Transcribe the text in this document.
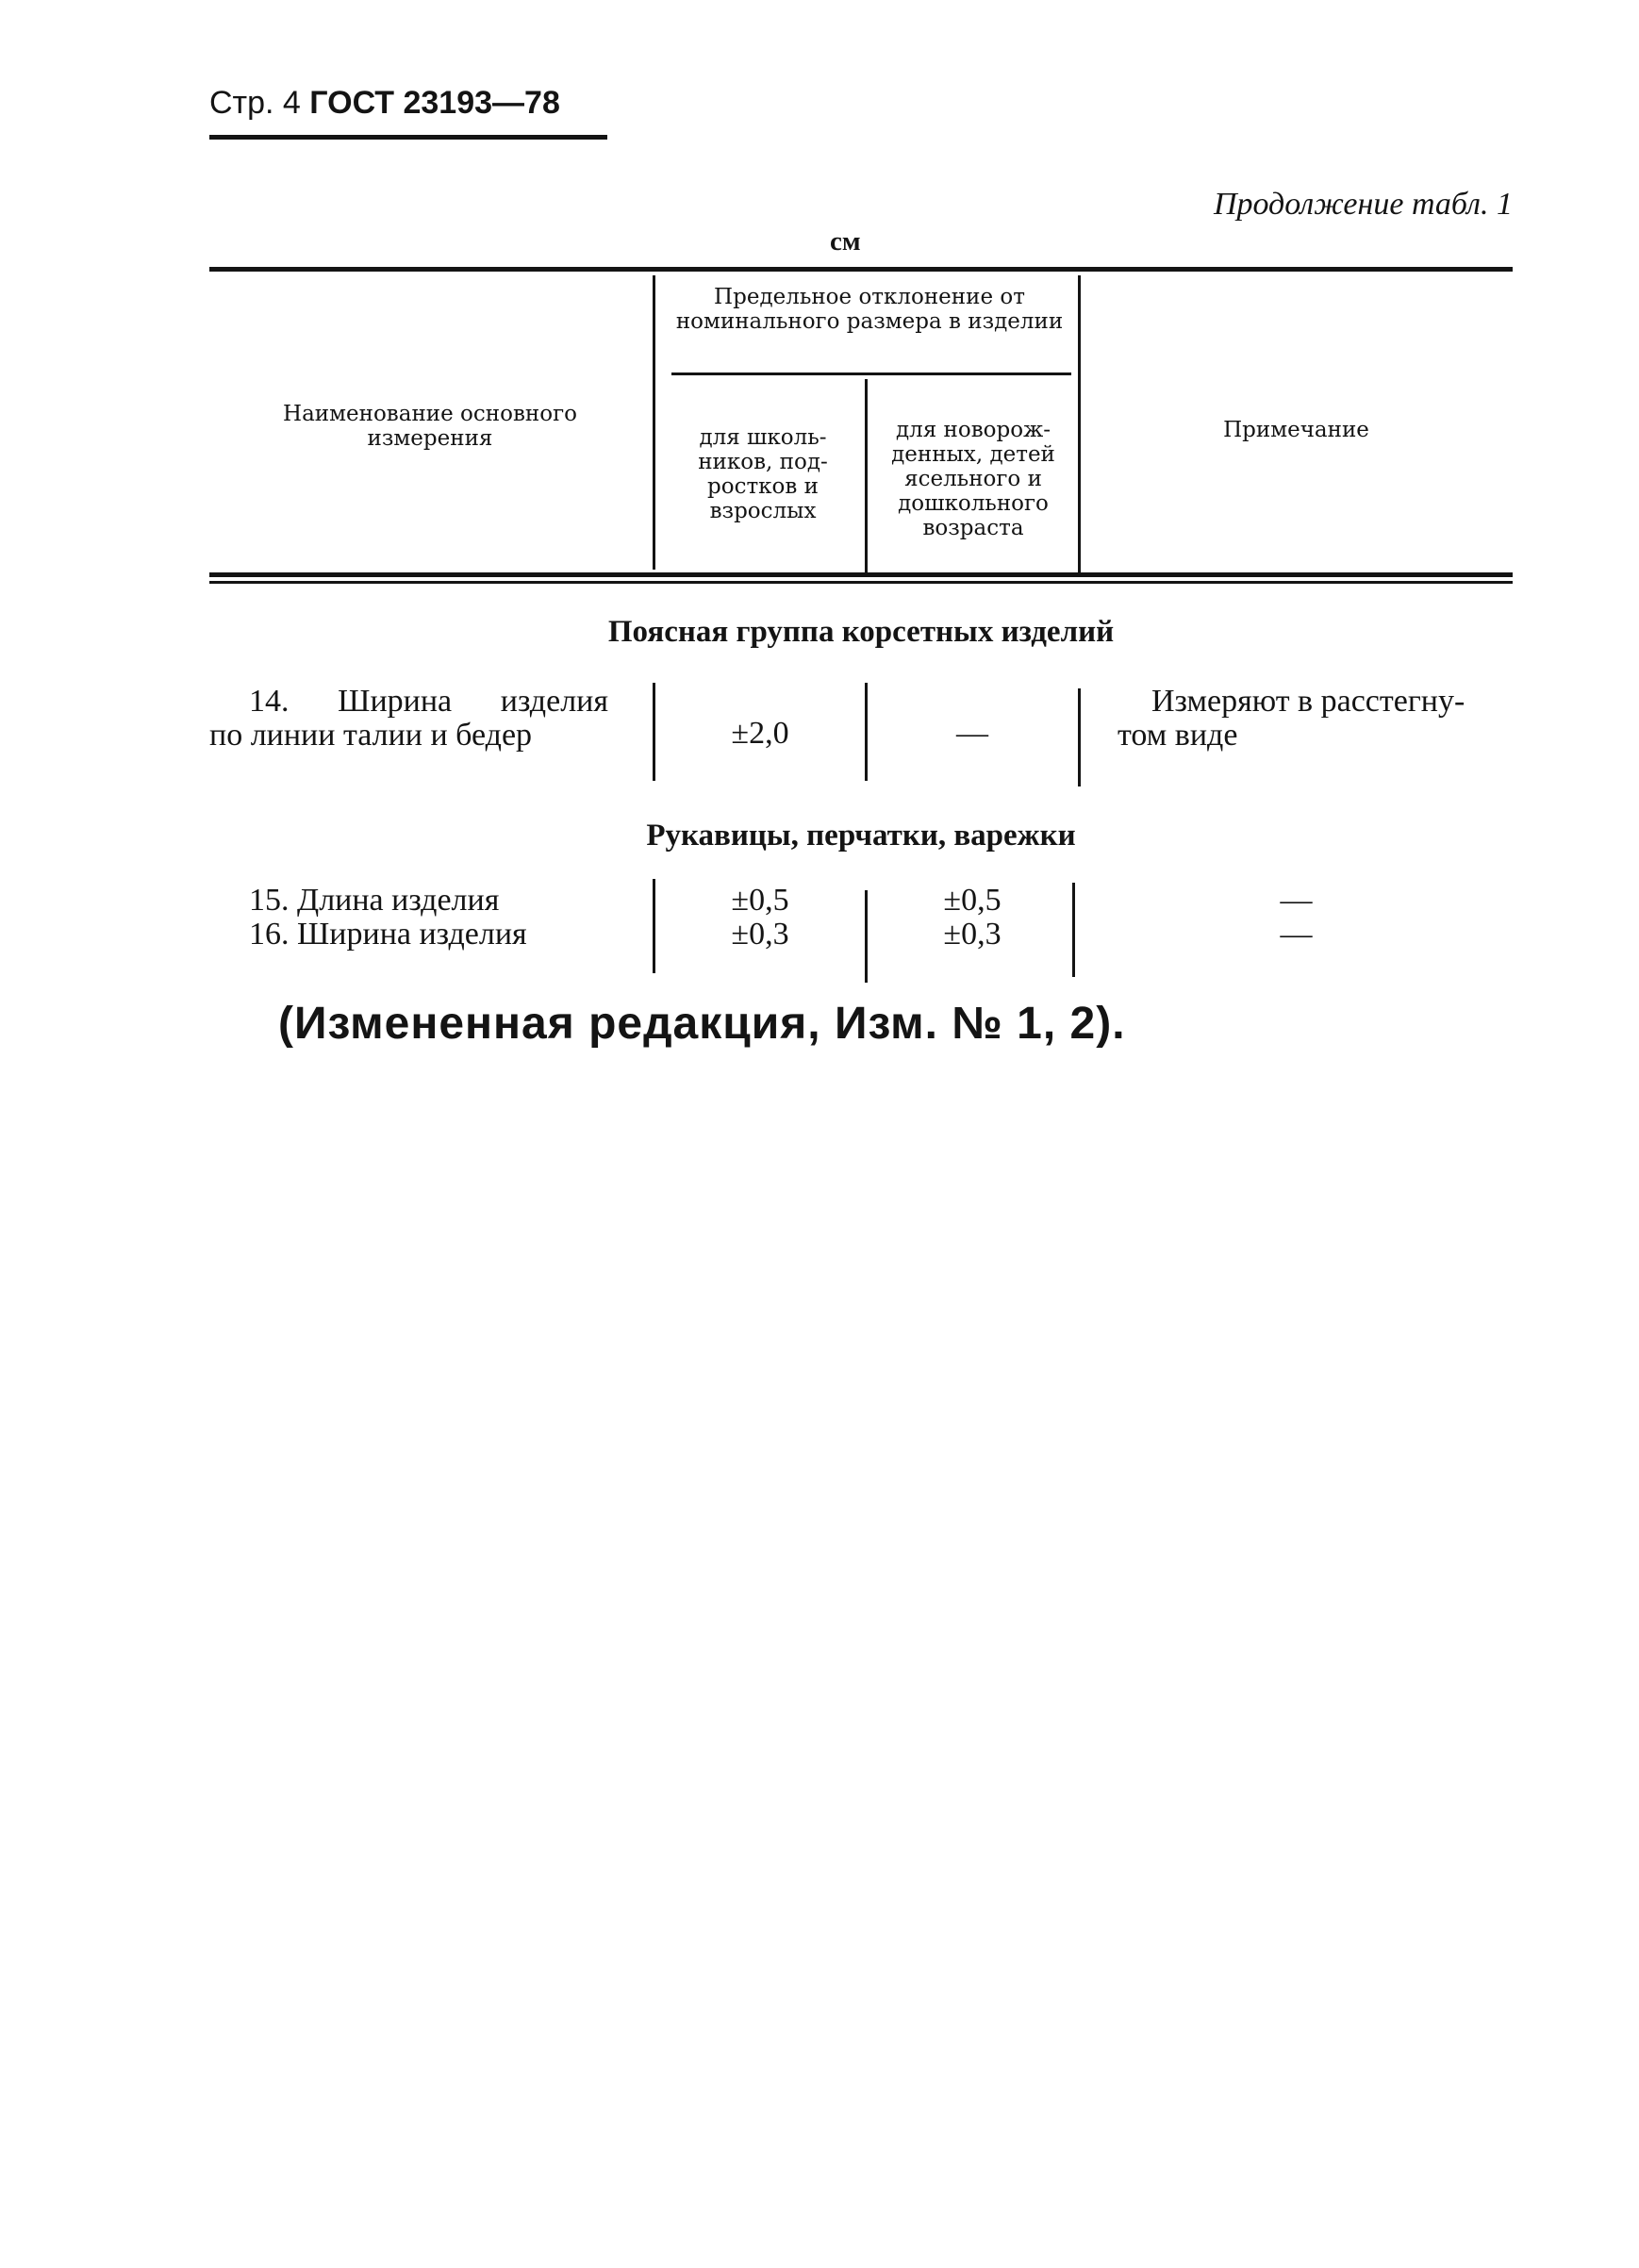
Стр. 4 ГОСТ 23193—78
Продолжение табл. 1
см
Наименование основного измерения
Предельное отклонение от номинального размера в изделии
для школь- ников, под- ростков и взрослых
для новорож- денных, детей ясельного и дошкольного возраста
Примечание
Поясная группа корсетных изделий
14. Ширина изделия
по линии талии и бедер	±2,0	—
Измеряют в расстегну-
том виде
Рукавицы, перчатки, варежки
15. Длина изделия
16. Ширина изделия
±0,5
±0,3
±0,5
±0,3
—
—
(Измененная редакция, Изм. № 1, 2).
